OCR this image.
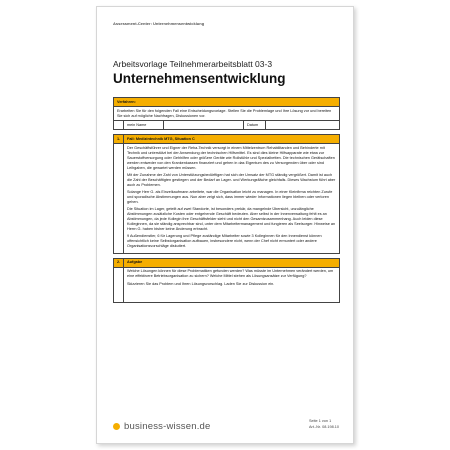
Assessment-Center: Unternehmensentwicklung
Arbeitsvorlage Teilnehmerarbeitsblatt 03-3
Unternehmensentwicklung
Verfahren:				
Erarbeiten Sie für den folgenden Fall eine Entscheidungsvorlage. Stellen Sie die Problemlage und Ihre Lösung vor und bereiten Sie sich auf mögliche Nachfragen, Diskussionen vor.				
	mein Name		Datum	

1.	Fall: Medizintechnik MTG, Situation C			

	Der Geschäftsführer und Eigner der Reha-Technik versorgt in einem Mittelzentrum Rehabilitanden und Behinderte mit Technik und unterstützt bei der Anwendung der technischen Hilfsmittel. Es sind dies kleine Hilfsapparate wie etwa zur Sauerstoffversorgung oder Gehhilfen oder größere Geräte wie Rollstühle und Spezialbetten. Die technischen Gerätschaften werden entweder von den Krankenkassen finanziert und gehen in das Eigentum des zu Versorgenden über oder sind Leihgaben, die gewartet werden müssen.

Mit der Zunahme der Zahl von Unterstützungsbedürftigen hat sich der Umsatz der MTG ständig vergrößert. Damit ist auch die Zahl der Beschäftigten gestiegen und der Bedarf an Lager- und Werkungsfläche gleichfalls. Dieses Wachstum führt aber auch zu Problemen.

Solange Herr G. als Einzelkaufmann arbeitete, war die Organisation leicht zu managen. In einer Kleinfirma reichten Zurufe und sporadische Abstimmungen aus. Nun aber zeigt sich, dass immer wieder Informationen liegen bleiben oder verloren gehen.

Die Situation im Lager, geteilt auf zwei Standorte, ist besonders prekär, da mangelnde Übersicht, unzulängliche Abstimmungen zusätzliche Kosten oder entgehende Geschäft bedeuten. Aber selbst in der Innenverwaltung fehlt es an Abstimmungen, da jede Kollegin ihre Geschäftsfelder sieht und nicht den Gesamtzusammenhang. Auch leiden diese Kolleginnen, da sie ständig ansprechbar sind, unter dem Mitarbeitermanagement und fungieren als Seelsorger. Hinweise an Herrn G. haben bisher keine Änderung erbracht.

9 Außendienstler, 6 für Lagerung und Pflege zuständige Mitarbeiter sowie 3 Kolleginnen für den Innendienst können offensichtlich keine Selbstorganisation aufbauen, insbesondere nicht, wenn der Chef nicht ermuntert oder andere Organisationsvorschläge diskutiert.			

2.	Aufgabe			

	Welche Lösungen können für diese Problematiken gefunden werden? Was müsste im Unternehmen verändert werden, um eine effektivere Betriebsorganisation zu sichern? Welche Mittel stehen als Lösungsansätze zur Verfügung?

Skizzieren Sie das Problem und Ihren Lösungsvorschlag. Laden Sie zur Diskussion ein.			

business-wissen.de	Seite 1 von 1
Art.-Nr. 08.198.10
